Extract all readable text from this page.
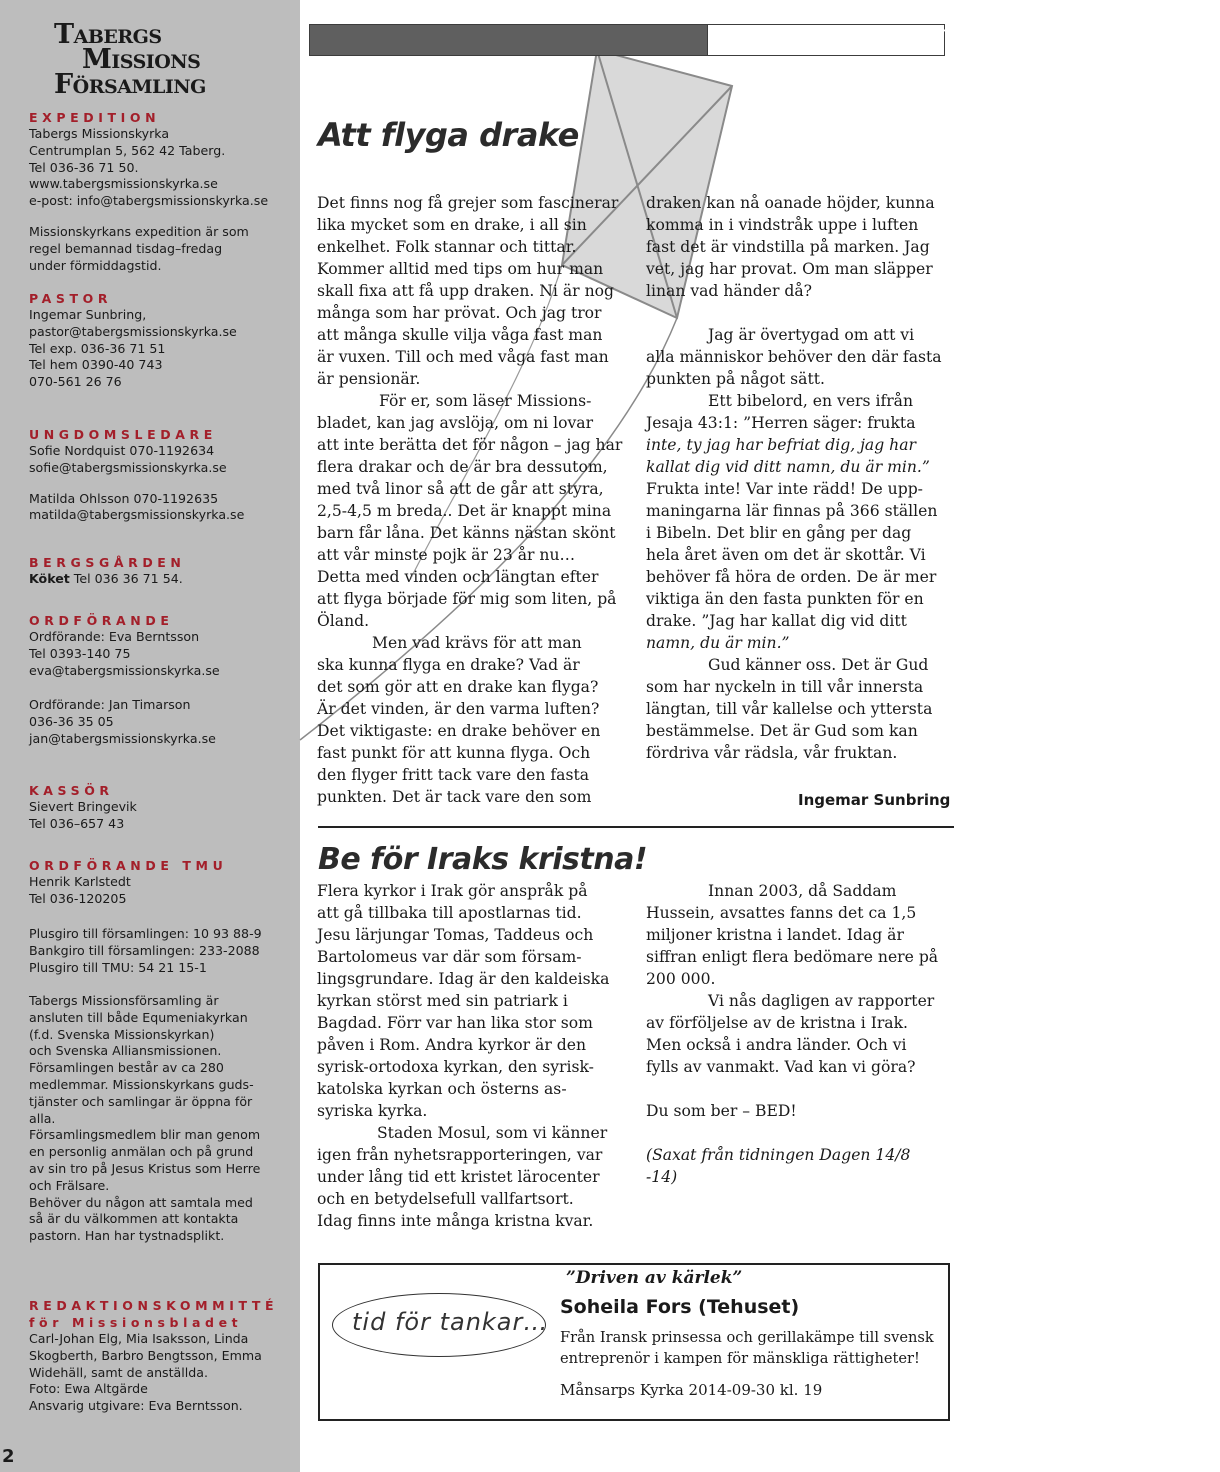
Tabergs
Missions
Församling
EXPEDITION
Tabergs Missionskyrka
Centrumplan 5, 562 42 Taberg.
Tel 036-36 71 50.
www.tabergsmissionskyrka.se
e-post: info@tabergsmissionskyrka.se
Missionskyrkans expedition är som
regel bemannad tisdag–fredag
under förmiddagstid.
PASTOR
Ingemar Sunbring,
pastor@tabergsmissionskyrka.se
Tel exp. 036-36 71 51
Tel hem 0390-40 743
070-561 26 76
UNGDOMSLEDARE
Sofie Nordquist 070-1192634
sofie@tabergsmissionskyrka.se
Matilda Ohlsson 070-1192635
matilda@tabergsmissionskyrka.se
BERGSGÅRDEN
Köket Tel 036 36 71 54.
ORDFÖRANDE
Ordförande: Eva Berntsson
Tel 0393-140 75
eva@tabergsmissionskyrka.se
Ordförande: Jan Timarson
036-36 35 05
jan@tabergsmissionskyrka.se
KASSÖR
Sievert Bringevik
Tel 036–657 43
ORDFÖRANDE TMU
Henrik Karlstedt
Tel 036-120205
Plusgiro till församlingen: 10 93 88-9
Bankgiro till församlingen: 233-2088
Plusgiro till TMU: 54 21 15-1
Tabergs Missionsförsamling är
ansluten till både Equmeniakyrkan
(f.d. Svenska Missionskyrkan)
och Svenska Alliansmissionen.
Församlingen består av ca 280
medlemmar. Missionskyrkans guds-
tjänster och samlingar är öppna för
alla.
Församlingsmedlem blir man genom
en personlig anmälan och på grund
av sin tro på Jesus Kristus som Herre
och Frälsare.
Behöver du någon att samtala med
så är du välkommen att kontakta
pastorn. Han har tystnadsplikt.
REDAKTIONSKOMMITTÉ
för Missionsbladet
Carl-Johan Elg, Mia Isaksson, Linda
Skogberth, Barbro Bengtsson, Emma
Widehäll, samt de anställda.
Foto: Ewa Altgärde
Ansvarig utgivare: Eva Berntsson.
2
INSIKTEN
Att flyga drake
Det finns nog få grejer som fascinerar
lika mycket som en drake, i all sin
enkelhet. Folk stannar och tittar.
Kommer alltid med tips om hur man
skall fixa att få upp draken. Ni är nog
många som har prövat. Och jag tror
att många skulle vilja våga fast man
är vuxen. Till och med våga fast man
är pensionär.
För er, som läser Missions-
bladet, kan jag avslöja, om ni lovar
att inte berätta det för någon – jag har
flera drakar och de är bra dessutom,
med två linor så att de går att styra,
2,5-4,5 m breda.. Det är knappt mina
barn får låna. Det känns nästan skönt
att vår minste pojk är 23 år nu…
Detta med vinden och längtan efter
att flyga började för mig som liten, på
Öland.
Men vad krävs för att man
ska kunna flyga en drake? Vad är
det som gör att en drake kan flyga?
Är det vinden, är den varma luften?
Det viktigaste: en drake behöver en
fast punkt för att kunna flyga. Och
den flyger fritt tack vare den fasta
punkten. Det är tack vare den som
draken kan nå oanade höjder, kunna
komma in i vindstråk uppe i luften
fast det är vindstilla på marken. Jag
vet, jag har provat. Om man släpper
linan vad händer då?
Jag är övertygad om att vi
alla människor behöver den där fasta
punkten på något sätt.
Ett bibelord, en vers ifrån
Jesaja 43:1: ”Herren säger: frukta
inte, ty jag har befriat dig, jag har
kallat dig vid ditt namn, du är min.”
Frukta inte! Var inte rädd! De upp-
maningarna lär finnas på 366 ställen
i Bibeln. Det blir en gång per dag
hela året även om det är skottår. Vi
behöver få höra de orden. De är mer
viktiga än den fasta punkten för en
drake. ”Jag har kallat dig vid ditt
namn, du är min.”
Gud känner oss. Det är Gud
som har nyckeln in till vår innersta
längtan, till vår kallelse och yttersta
bestämmelse. Det är Gud som kan
fördriva vår rädsla, vår fruktan.
Ingemar Sunbring
Be för Iraks kristna!
Flera kyrkor i Irak gör anspråk på
att gå tillbaka till apostlarnas tid.
Jesu lärjungar Tomas, Taddeus och
Bartolomeus var där som försam-
lingsgrundare. Idag är den kaldeiska
kyrkan störst med sin patriark i
Bagdad. Förr var han lika stor som
påven i Rom. Andra kyrkor är den
syrisk-ortodoxa kyrkan, den syrisk-
katolska kyrkan och österns as-
syriska kyrka.
Staden Mosul, som vi känner
igen från nyhetsrapporteringen, var
under lång tid ett kristet lärocenter
och en betydelsefull vallfartsort.
Idag finns inte många kristna kvar.
Innan 2003, då Saddam
Hussein, avsattes fanns det ca 1,5
miljoner kristna i landet. Idag är
siffran enligt flera bedömare nere på
200 000.
Vi nås dagligen av rapporter
av förföljelse av de kristna i Irak.
Men också i andra länder. Och vi
fylls av vanmakt. Vad kan vi göra?
Du som ber – BED!
(Saxat från tidningen Dagen 14/8
-14)
tid för tankar…
”Driven av kärlek”
Soheila Fors (Tehuset)
Från Iransk prinsessa och gerillakämpe till svensk
entreprenör i kampen för mänskliga rättigheter!
Månsarps Kyrka 2014-09-30 kl. 19
